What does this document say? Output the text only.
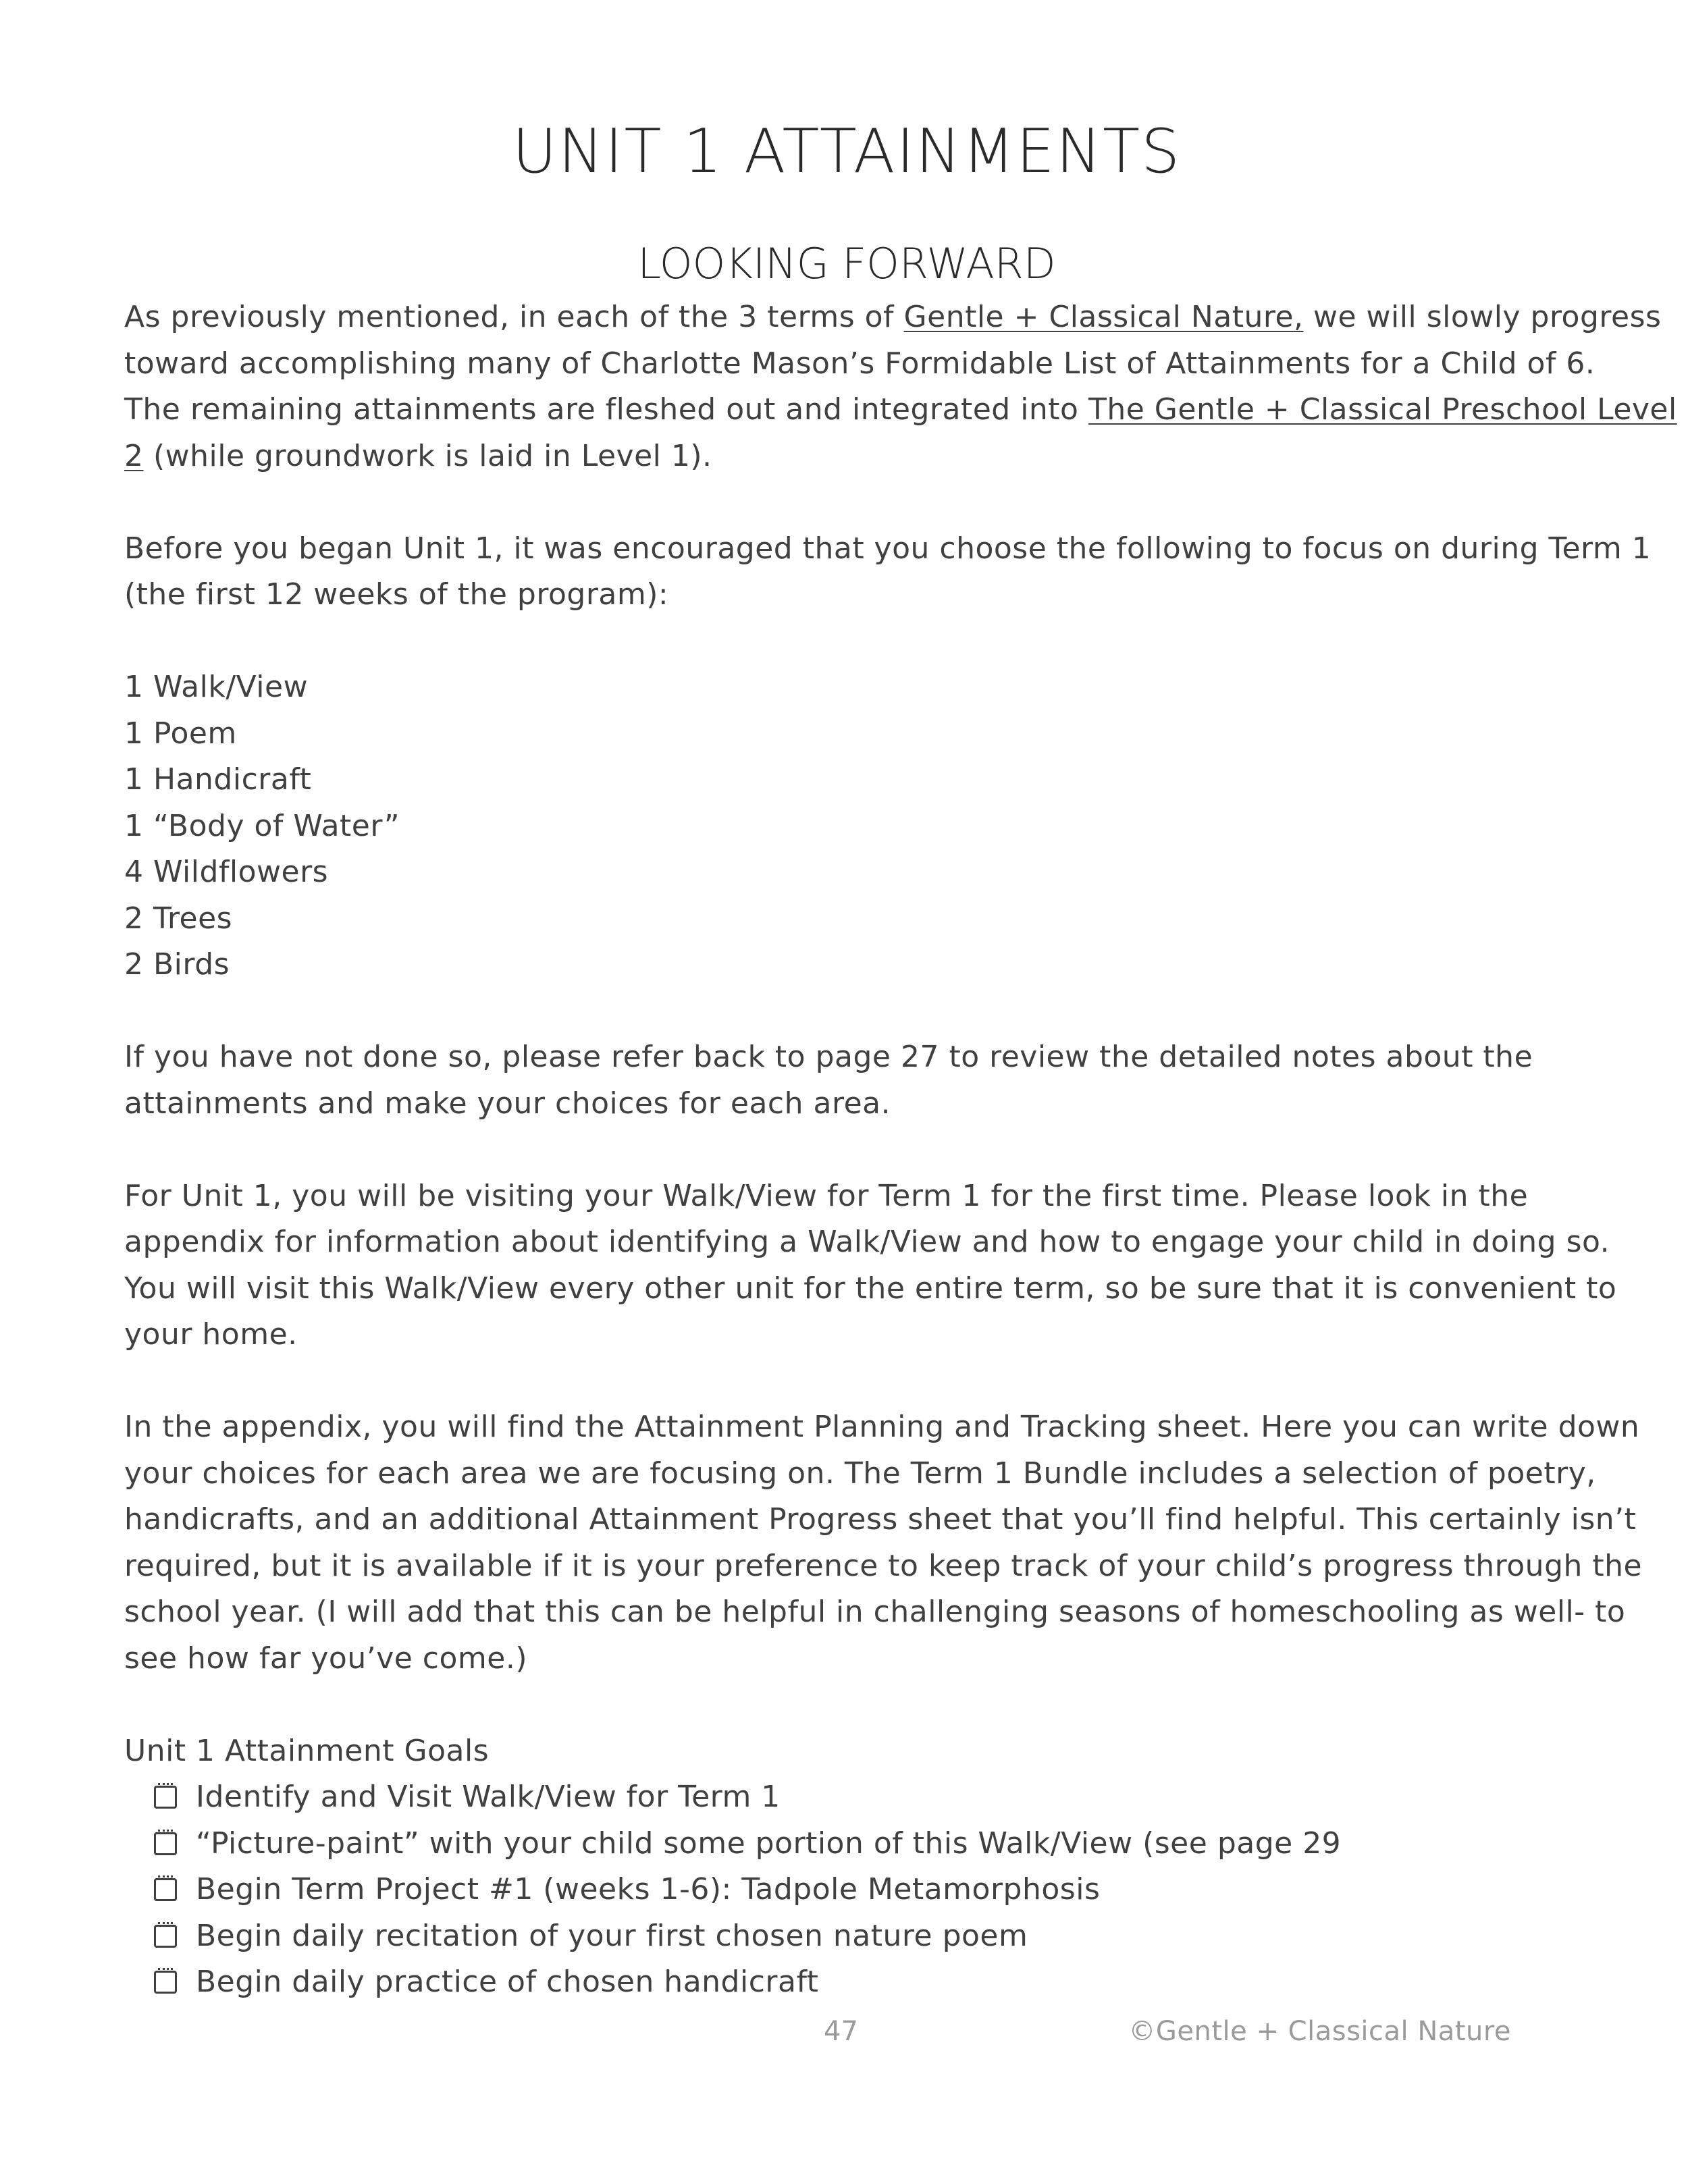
UNIT 1 ATTAINMENTS
LOOKING FORWARD

As previously mentioned, in each of the 3 terms of Gentle + Classical Nature, we will slowly progress

toward accomplishing many of Charlotte Mason’s Formidable List of Attainments for a Child of 6.

The remaining attainments are fleshed out and integrated into The Gentle + Classical Preschool Level

2 (while groundwork is laid in Level 1).

Before you began Unit 1, it was encouraged that you choose the following to focus on during Term 1

(the first 12 weeks of the program):

1 Walk/View

1 Poem

1 Handicraft

1 “Body of Water”

4 Wildflowers

2 Trees

2 Birds

If you have not done so, please refer back to page 27 to review the detailed notes about the

attainments and make your choices for each area.

For Unit 1, you will be visiting your Walk/View for Term 1 for the first time. Please look in the

appendix for information about identifying a Walk/View and how to engage your child in doing so.

You will visit this Walk/View every other unit for the entire term, so be sure that it is convenient to

your home.

In the appendix, you will find the Attainment Planning and Tracking sheet. Here you can write down

your choices for each area we are focusing on. The Term 1 Bundle includes a selection of poetry,

handicrafts, and an additional Attainment Progress sheet that you’ll find helpful. This certainly isn’t

required, but it is available if it is your preference to keep track of your child’s progress through the

school year. (I will add that this can be helpful in challenging seasons of homeschooling as well- to

see how far you’ve come.)

Unit 1 Attainment Goals

Identify and Visit Walk/View for Term 1
“Picture-paint” with your child some portion of this Walk/View (see page 29
Begin Term Project #1 (weeks 1-6): Tadpole Metamorphosis
Begin daily recitation of your first chosen nature poem
Begin daily practice of chosen handicraft
47	©Gentle + Classical Nature
